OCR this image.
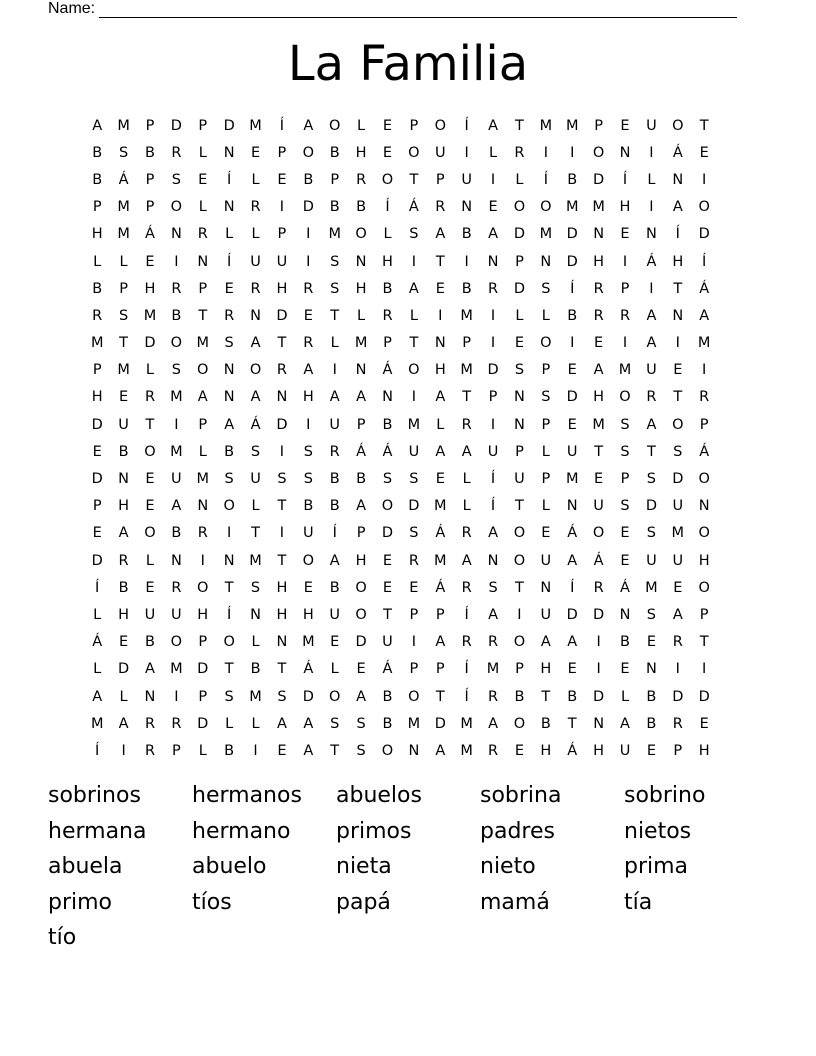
Name:
La Familia
A	M	P	D	P	D	M	Í	A	O	L	E	P	O	Í	A	T	M M	P	E	U	O	T
B	S	B	R	L	N	E	P	O	B	H	E	O	U	I	L	R	I	I	O	N	I	Á	E
B	Á	P	S	E	Í	L	E	B	P	R	O	T	P	U	I	L	Í	B	D	Í	L	N	I
P	M	P	O	L	N	R	I	D	B	B	Í	Á	R	N	E	O	O M M	H	I	A	O
H	M	Á	N	R	L	L	P	I	M O	L	S	A	B	A	D	M	D	N	E	N	Í	D
L	L	E	I	N	Í	U	U	I	S	N	H	I	T	I	N	P	N	D	H	I	Á	H	Í
B	P	H	R	P	E	R	H	R	S	H	B	A	E	B	R	D	S	Í	R	P	I	T	Á
R	S	M	B	T	R	N	D	E	T	L	R	L	I	M	I	L	L	B	R	R	A	N	A
M	T	D	O M	S	A	T	R	L	M	P	T	N	P	I	E	O	I	E	I	A	I	M
P	M	L	S	O	N	O	R	A	I	N	Á	O	H	M	D	S	P	E	A	M	U	E	I
H	E	R	M	A	N	A	N	H	A	A	N	I	A	T	P	N	S	D	H	O	R	T	R
D	U	T	I	P	A	Á	D	I	U	P	B	M	L	R	I	N	P	E	M	S	A	O	P
E	B	O M	L	B	S	I	S	R	Á	Á	U	A	A	U	P	L	U	T	S	T	S	Á
D	N	E	U	M	S	U	S	S	B	B	S	S	E	L	Í	U	P	M	E	P	S	D	O
P	H	E	A	N	O	L	T	B	B	A	O	D	M	L	Í	T	L	N	U	S	D	U	N
E	A	O	B	R	I	T	I	U	Í	P	D	S	Á	R	A	O	E	Á	O	E	S	M O
D	R	L	N	I	N	M	T	O	A	H	E	R	M	A	N	O	U	A	Á	E	U	U	H
Í	B	E	R	O	T	S	H	E	B	O	E	E	Á	R	S	T	N	Í	R	Á	M	E	O
L	H	U	U	H	Í	N	H	H	U	O	T	P	P	Í	A	I	U	D	D	N	S	A	P
Á	E	B	O	P	O	L	N	M	E	D	U	I	A	R	R	O	A	A	I	B	E	R	T
L	D	A	M	D	T	B	T	Á	L	E	Á	P	P	Í	M	P	H	E	I	E	N	I	I
A	L	N	I	P	S	M	S	D	O	A	B	O	T	Í	R	B	T	B	D	L	B	D	D
M	A	R	R	D	L	L	A	A	S	S	B	M	D	M	A	O	B	T	N	A	B	R	E
Í	I	R	P	L	B	I	E	A	T	S	O	N	A	M	R	E	H	Á	H	U	E	P	H
sobrinos	hermanos	abuelos	sobrina	sobrino
hermana	hermano	primos	padres	nietos
abuela	abuelo	nieta	nieto	prima
primo	tíos	papá	mamá	tía
tío
